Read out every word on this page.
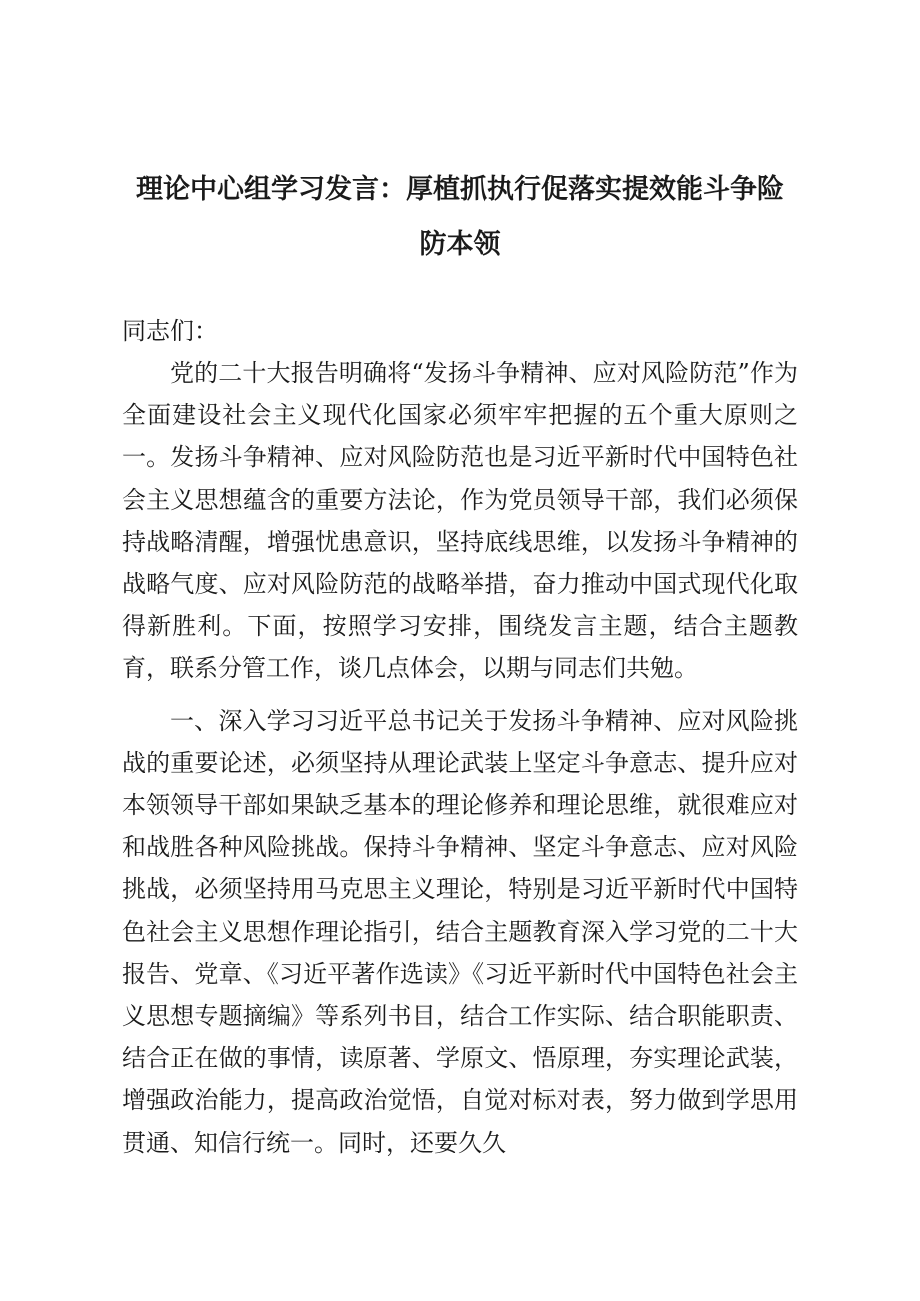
理论中心组学习发言：厚植抓执行促落实提效能斗争险
防本领

同志们：

党的二十大报告明确将“发扬斗争精神、应对风险防范”作为全面建设社会主义现代化国家必须牢牢把握的五个重大原则之一。发扬斗争精神、应对风险防范也是习近平新时代中国特色社会主义思想蕴含的重要方法论，作为党员领导干部，我们必须保持战略清醒，增强忧患意识，坚持底线思维，以发扬斗争精神的战略气度、应对风险防范的战略举措，奋力推动中国式现代化取得新胜利。下面，按照学习安排，围绕发言主题，结合主题教育，联系分管工作，谈几点体会，以期与同志们共勉。

一、深入学习习近平总书记关于发扬斗争精神、应对风险挑战的重要论述，必须坚持从理论武装上坚定斗争意志、提升应对本领 领导干部如果缺乏基本的理论修养和理论思维，就很难应对和战胜各种风险挑战。保持斗争精神、坚定斗争意志、应对风险挑战，必须坚持用马克思主义理论，特别是习近平新时代中国特色社会主义思想作理论指引，结合主题教育深入学习党的二十大报告、党章、《习近平著作选读》《习近平新时代中国特色社会主义思想专题摘编》等系列书目，结合工作实际、结合职能职责、结合正在做的事情，读原著、学原文、悟原理，夯实理论武装，增强政治能力，提高政治觉悟，自觉对标对表，努力做到学思用贯通、知信行统一。同时，还要久久
